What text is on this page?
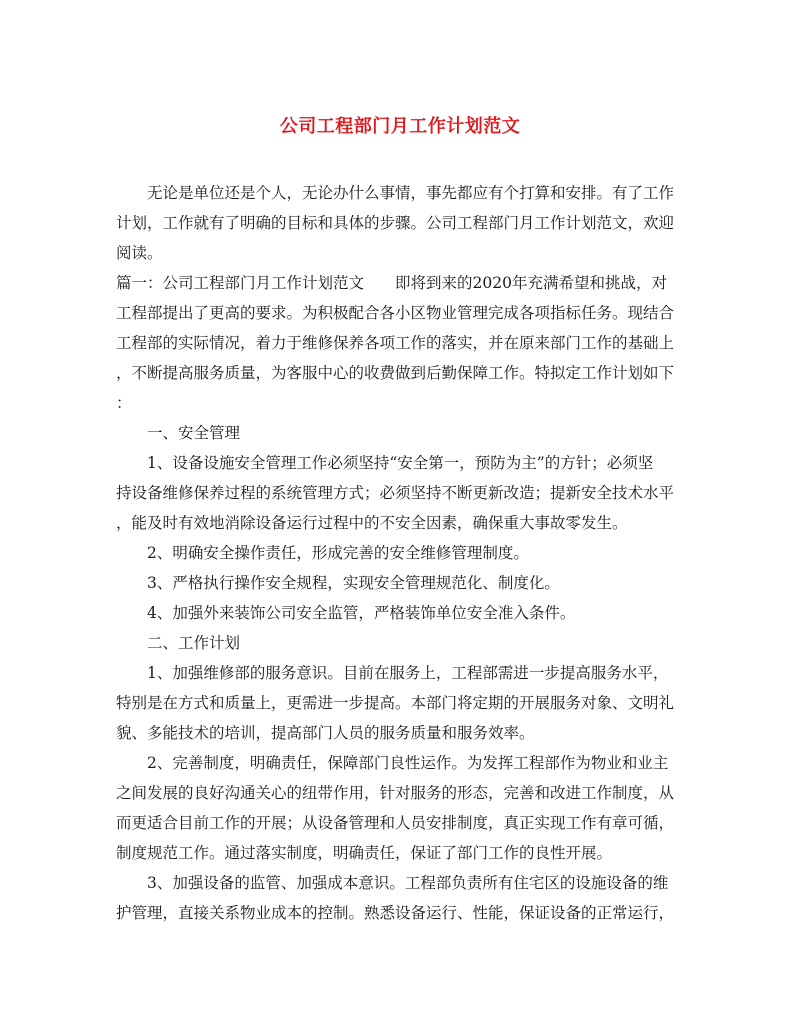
公司工程部门月工作计划范文
无论是单位还是个人，无论办什么事情，事先都应有个打算和安排。有了工作
计划，工作就有了明确的目标和具体的步骤。公司工程部门月工作计划范文，欢迎
阅读。
篇一：公司工程部门月工作计划范文　　即将到来的2020年充满希望和挑战，对
工程部提出了更高的要求。为积极配合各小区物业管理完成各项指标任务。现结合
工程部的实际情况，着力于维修保养各项工作的落实，并在原来部门工作的基础上
，不断提高服务质量，为客服中心的收费做到后勤保障工作。特拟定工作计划如下
：
一、安全管理
1、设备设施安全管理工作必须坚持“安全第一，预防为主”的方针；必须坚
持设备维修保养过程的系统管理方式；必须坚持不断更新改造；提新安全技术水平
，能及时有效地消除设备运行过程中的不安全因素，确保重大事故零发生。
2、明确安全操作责任，形成完善的安全维修管理制度。
3、严格执行操作安全规程，实现安全管理规范化、制度化。
4、加强外来装饰公司安全监管，严格装饰单位安全准入条件。
二、工作计划
1、加强维修部的服务意识。目前在服务上，工程部需进一步提高服务水平，
特别是在方式和质量上，更需进一步提高。本部门将定期的开展服务对象、文明礼
貌、多能技术的培训，提高部门人员的服务质量和服务效率。
2、完善制度，明确责任，保障部门良性运作。为发挥工程部作为物业和业主
之间发展的良好沟通关心的纽带作用，针对服务的形态，完善和改进工作制度，从
而更适合目前工作的开展；从设备管理和人员安排制度，真正实现工作有章可循，
制度规范工作。通过落实制度，明确责任，保证了部门工作的良性开展。
3、加强设备的监管、加强成本意识。工程部负责所有住宅区的设施设备的维
护管理，直接关系物业成本的控制。熟悉设备运行、性能，保证设备的正常运行，
